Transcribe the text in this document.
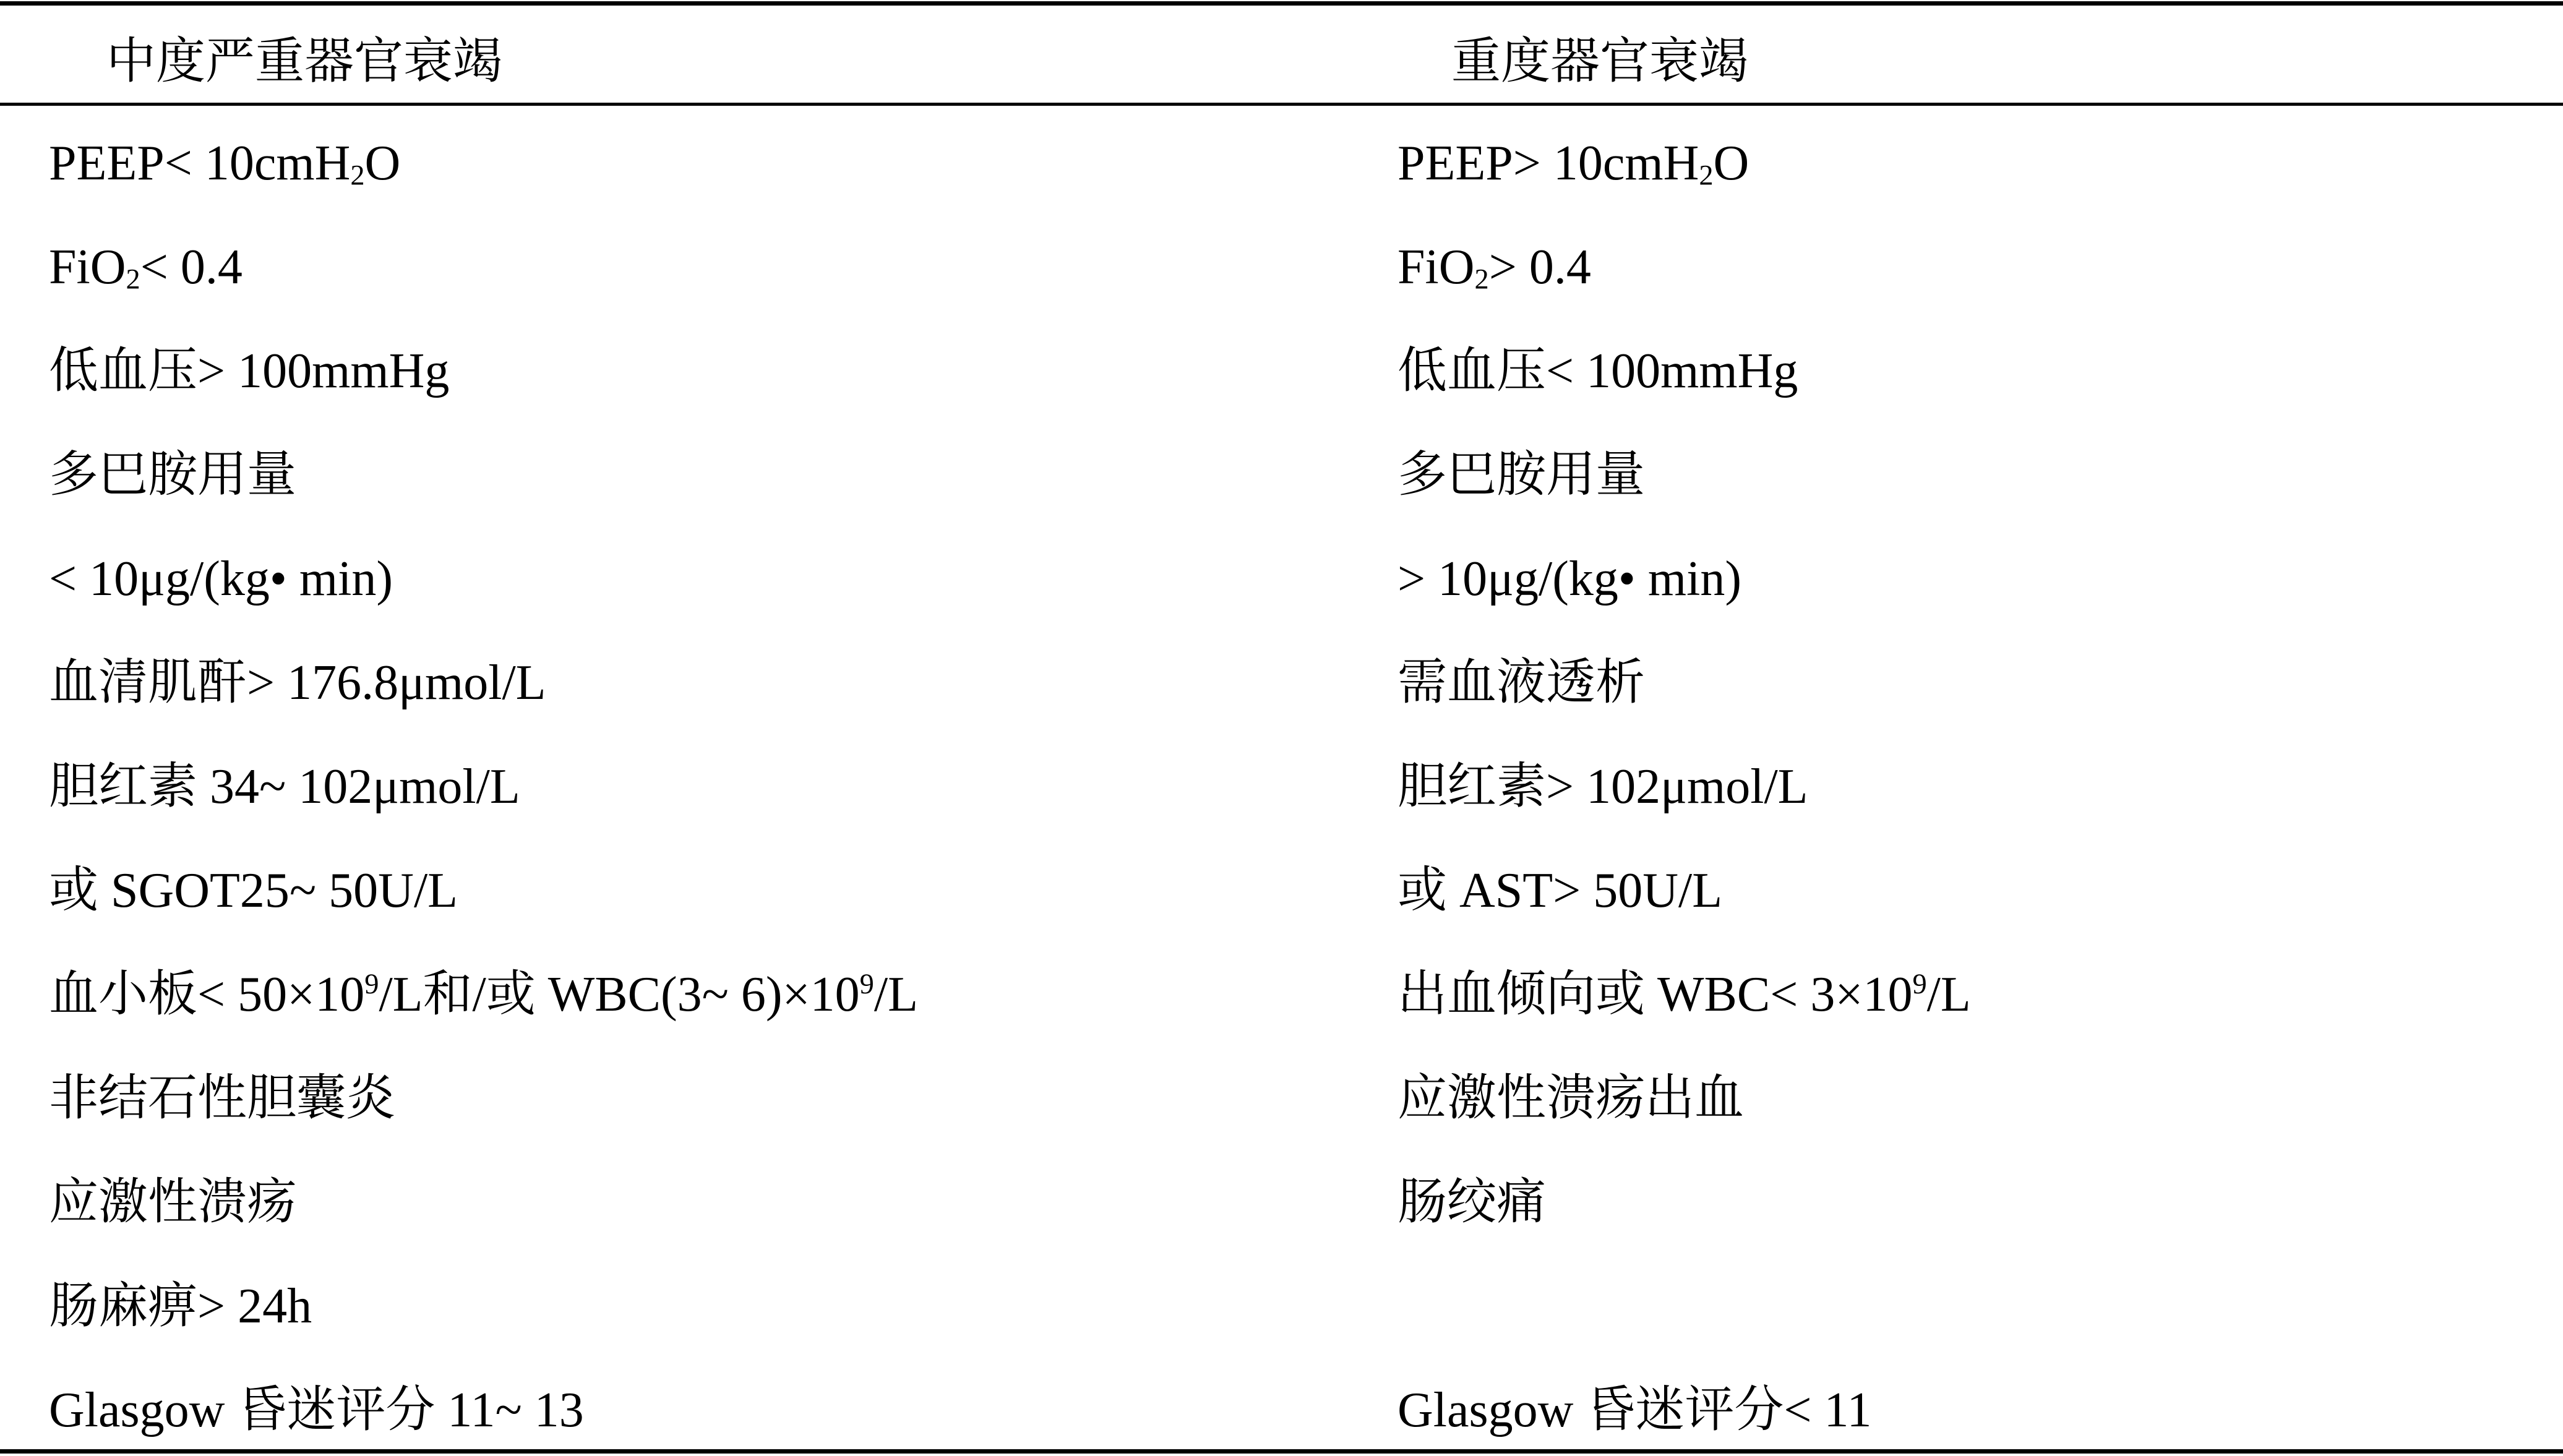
中度严重器官衰竭	重度器官衰竭
PEEP< 10cmH$_2$O	PEEP> 10cmH$_2$O
FiO$_2$< 0.4	FiO$_2$> 0.4
低血压> 100mmHg	低血压< 100mmHg
多巴胺用量	多巴胺用量
< 10μg/(kg• min)	> 10μg/(kg• min)
血清肌酐> 176.8μmol/L	需血液透析
胆红素 34~ 102μmol/L	胆红素> 102μmol/L
或 SGOT25~ 50U/L	或 AST> 50U/L
血小板< $50\times 10^9/L$和/或 WBC(3~ $6)\times 10^9/L$	出血倾向或 $WBC< 3\times 10^9/L$
非结石性胆囊炎	应激性溃疡出血
应激性溃疡	肠绞痛
肠麻痹> 24h
Glasgow 昏迷评分 11~ 13	Glasgow 昏迷评分< 11
